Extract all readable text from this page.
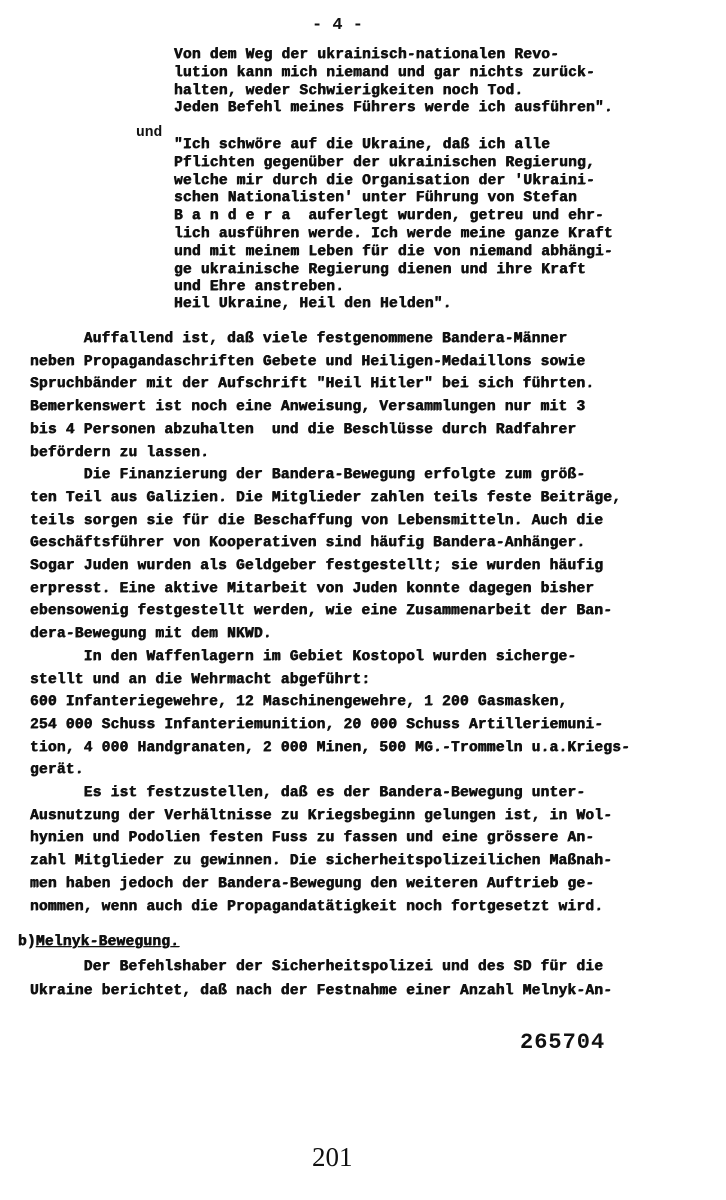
- 4 -
Von dem Weg der ukrainisch-nationalen Revo-
lution kann mich niemand und gar nichts zurück-
halten, weder Schwierigkeiten noch Tod.
Jeden Befehl meines Führers werde ich ausführen".
und
"Ich schwöre auf die Ukraine, daß ich alle
Pflichten gegenüber der ukrainischen Regierung,
welche mir durch die Organisation der 'Ukraini-
schen Nationalisten' unter Führung von Stefan
B a n d e r a  auferlegt wurden, getreu und ehr-
lich ausführen werde. Ich werde meine ganze Kraft
und mit meinem Leben für die von niemand abhängi-
ge ukrainische Regierung dienen und ihre Kraft
und Ehre anstreben.
Heil Ukraine, Heil den Helden".
Auffallend ist, daß viele festgenommene Bandera-Männer
neben Propagandaschriften Gebete und Heiligen-Medaillons sowie
Spruchbänder mit der Aufschrift "Heil Hitler" bei sich führten.
Bemerkenswert ist noch eine Anweisung, Versammlungen nur mit 3
bis 4 Personen abzuhalten  und die Beschlüsse durch Radfahrer
befördern zu lassen.
Die Finanzierung der Bandera-Bewegung erfolgte zum größ-
ten Teil aus Galizien. Die Mitglieder zahlen teils feste Beiträge,
teils sorgen sie für die Beschaffung von Lebensmitteln. Auch die
Geschäftsführer von Kooperativen sind häufig Bandera-Anhänger.
Sogar Juden wurden als Geldgeber festgestellt; sie wurden häufig
erpresst. Eine aktive Mitarbeit von Juden konnte dagegen bisher
ebensowenig festgestellt werden, wie eine Zusammenarbeit der Ban-
dera-Bewegung mit dem NKWD.
In den Waffenlagern im Gebiet Kostopol wurden sicherge-
stellt und an die Wehrmacht abgeführt:
600 Infanteriegewehre, 12 Maschinengewehre, 1 200 Gasmasken,
254 000 Schuss Infanteriemunition, 20 000 Schuss Artilleriemuni-
tion, 4 000 Handgranaten, 2 000 Minen, 500 MG.-Trommeln u.a.Kriegs-
gerät.
Es ist festzustellen, daß es der Bandera-Bewegung unter-
Ausnutzung der Verhältnisse zu Kriegsbeginn gelungen ist, in Wol-
hynien und Podolien festen Fuss zu fassen und eine grössere An-
zahl Mitglieder zu gewinnen. Die sicherheitspolizeilichen Maßnah-
men haben jedoch der Bandera-Bewegung den weiteren Auftrieb ge-
nommen, wenn auch die Propagandatätigkeit noch fortgesetzt wird.
b)Melnyk-Bewegung.
Der Befehlshaber der Sicherheitspolizei und des SD für die
Ukraine berichtet, daß nach der Festnahme einer Anzahl Melnyk-An-
265704
201
